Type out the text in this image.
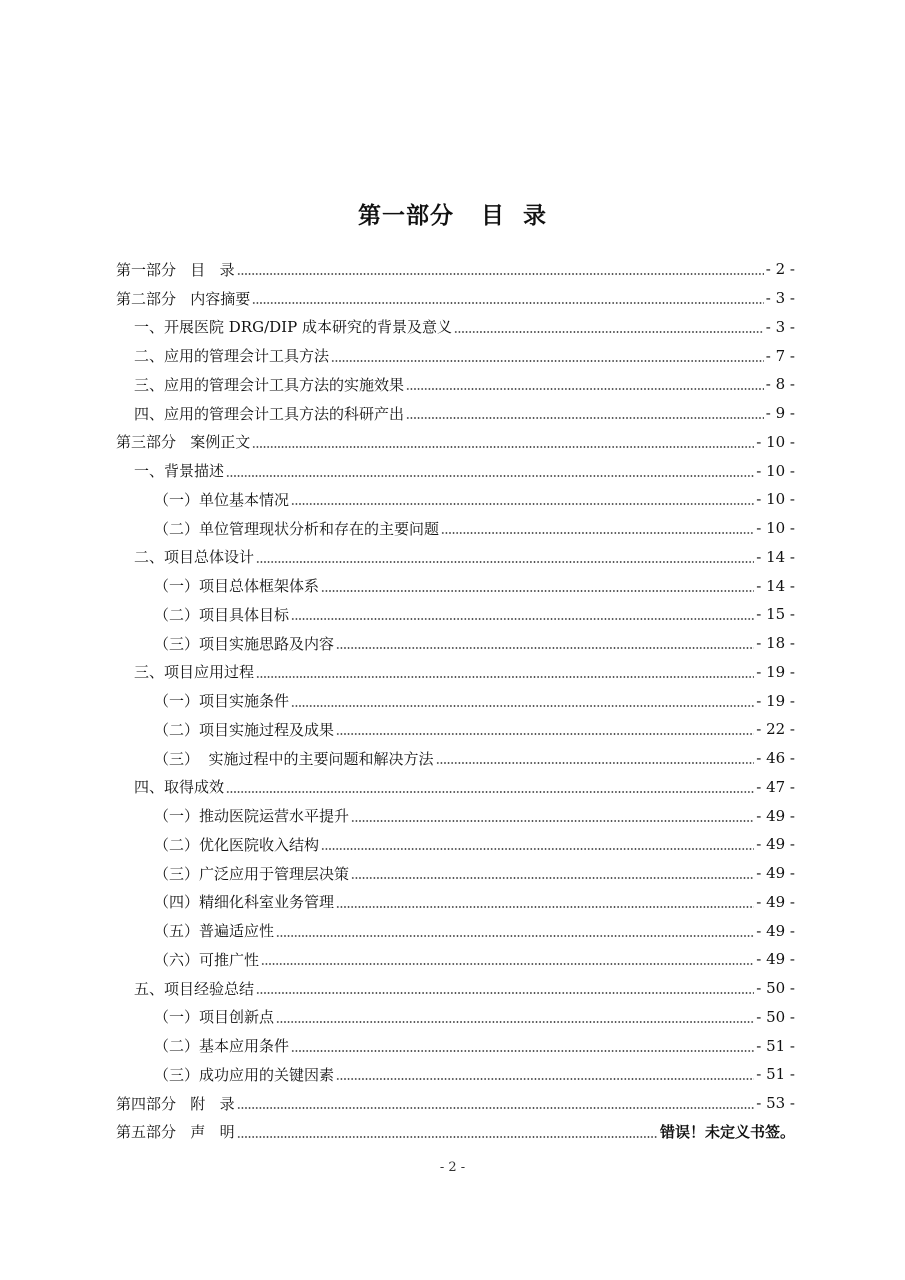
第一部分   目  录
第一部分   目   录	- 2 -
第二部分   内容摘要	- 3 -
一、开展医院 DRG/DIP 成本研究的背景及意义	- 3 -
二、应用的管理会计工具方法	- 7 -
三、应用的管理会计工具方法的实施效果	- 8 -
四、应用的管理会计工具方法的科研产出	- 9 -
第三部分   案例正文	- 10 -
一、背景描述	- 10 -
（一）单位基本情况	- 10 -
（二）单位管理现状分析和存在的主要问题	- 10 -
二、项目总体设计	- 14 -
（一）项目总体框架体系	- 14 -
（二）项目具体目标	- 15 -
（三）项目实施思路及内容	- 18 -
三、项目应用过程	- 19 -
（一）项目实施条件	- 19 -
（二）项目实施过程及成果	- 22 -
（三）  实施过程中的主要问题和解决方法	- 46 -
四、取得成效	- 47 -
（一）推动医院运营水平提升	- 49 -
（二）优化医院收入结构	- 49 -
（三）广泛应用于管理层决策	- 49 -
（四）精细化科室业务管理	- 49 -
（五）普遍适应性	- 49 -
（六）可推广性	- 49 -
五、项目经验总结	- 50 -
（一）项目创新点	- 50 -
（二）基本应用条件	- 51 -
（三）成功应用的关键因素	- 51 -
第四部分   附   录	- 53 -
第五部分   声   明	错误！未定义书签。
- 2 -
